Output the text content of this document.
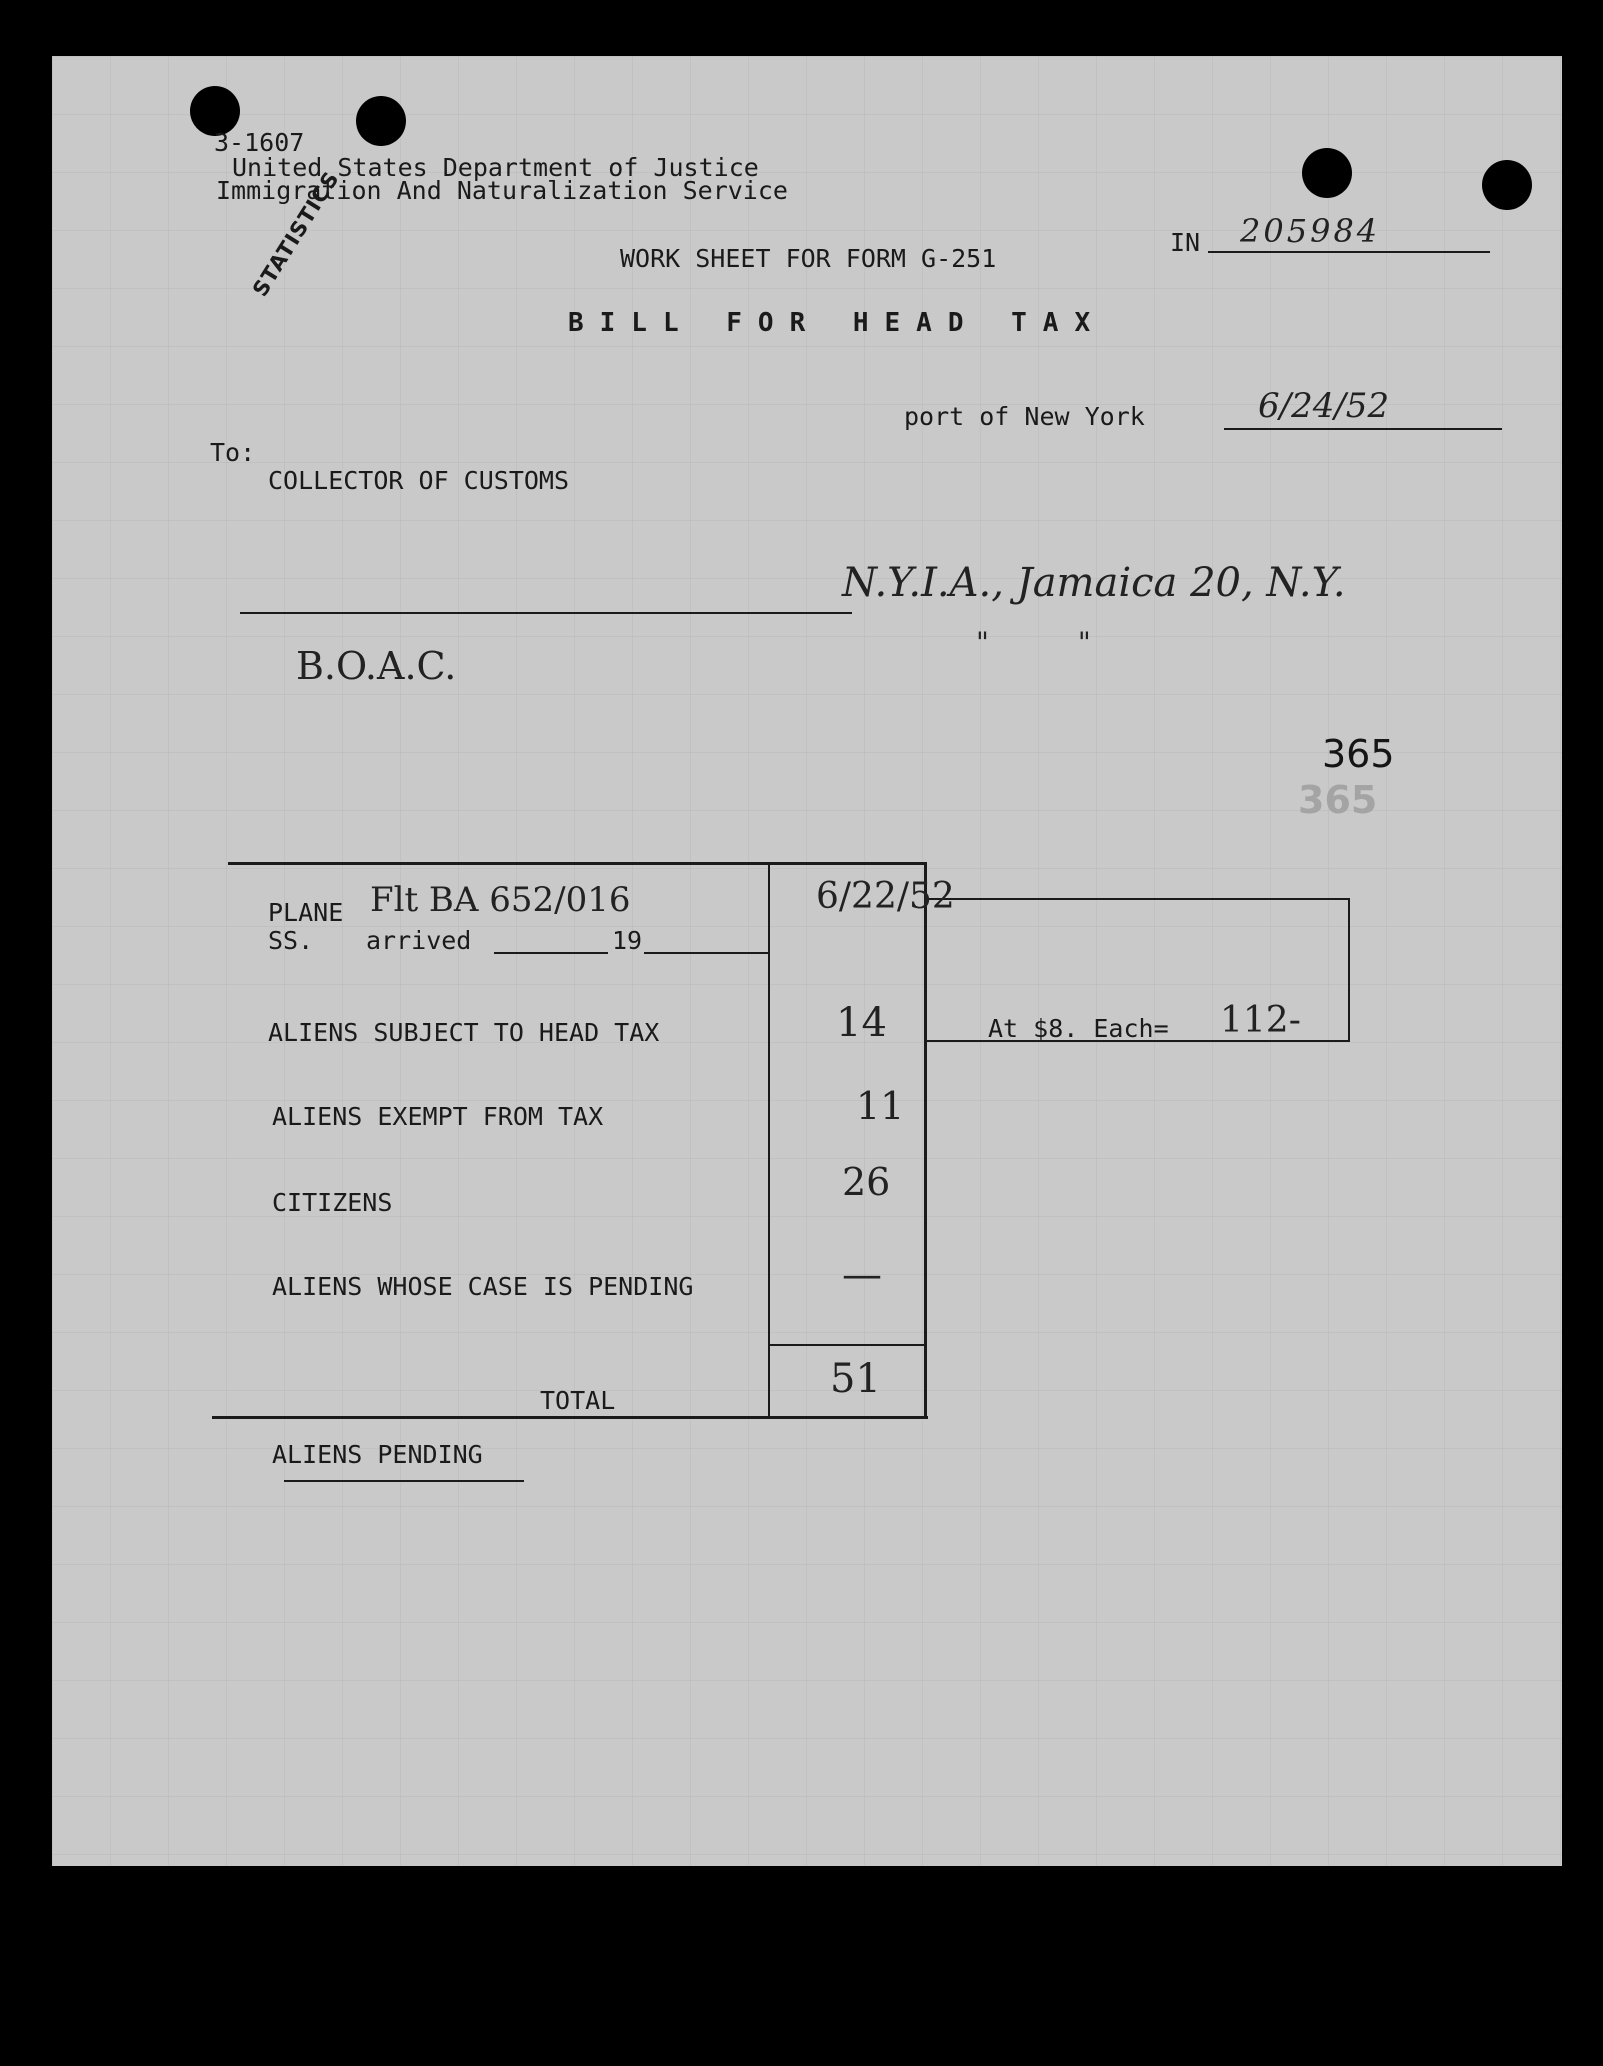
3-1607
United States Department of Justice
Immigration And Naturalization Service
STATISTICS	IN 205984
WORK SHEET FOR FORM G-251
BILL FOR HEAD TAX
port of New York	6/24/52
To:
COLLECTOR OF CUSTOMS
N.Y.I.A., Jamaica 20, N.Y.
"          "
B.O.A.C.
365
365
PLANE Flt BA 652/016	6/22/52
SS. arrived	19
ALIENS SUBJECT TO HEAD TAX	14	At $8. Each= 112-
ALIENS EXEMPT FROM TAX	11
CITIZENS	26
ALIENS WHOSE CASE IS PENDING	—
TOTAL	51
ALIENS PENDING
